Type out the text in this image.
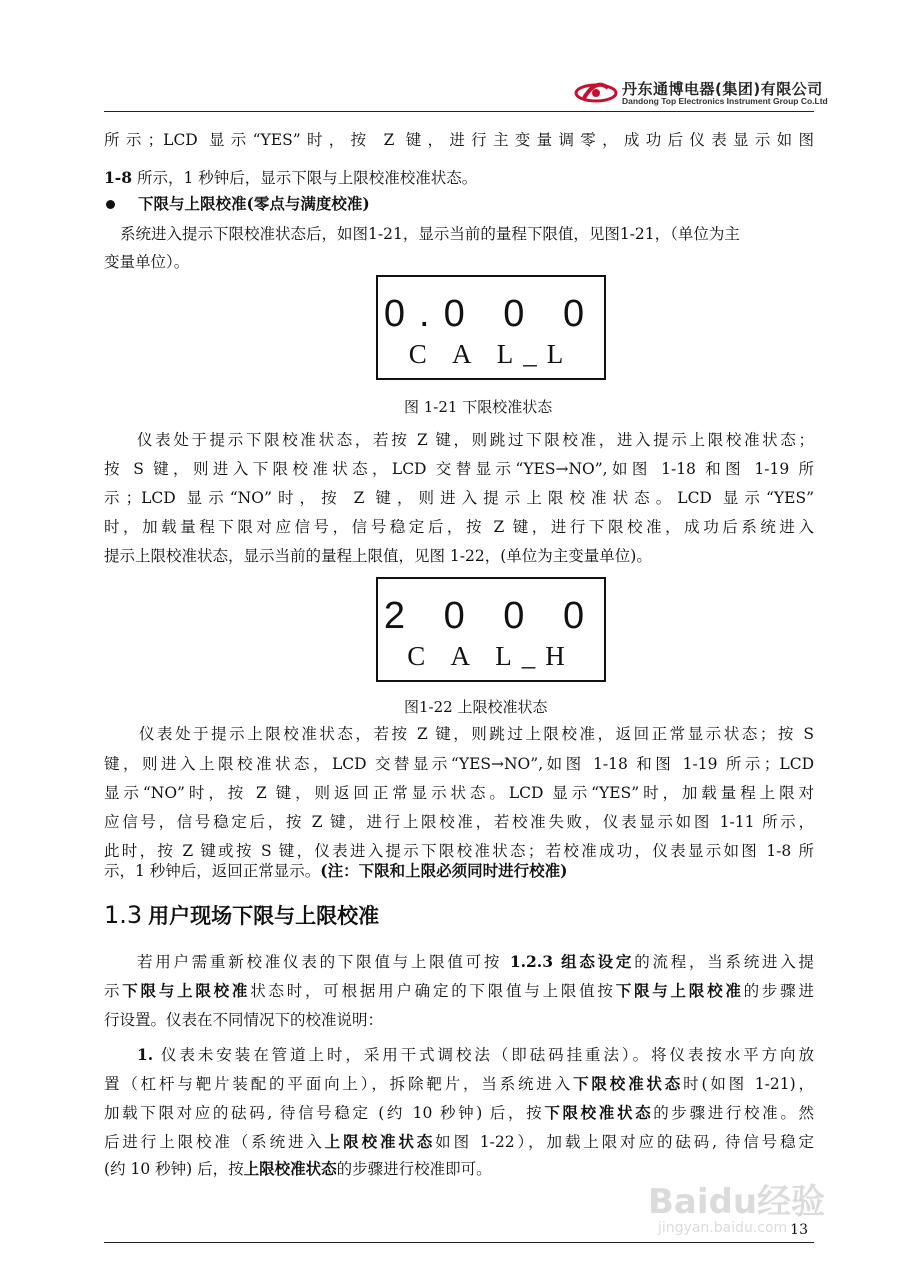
丹东通博电器(集团)有限公司
Dandong Top Electronics Instrument Group Co.Ltd
所示；LCD 显示“YES”时，按 Z 键，进行主变量调零，成功后仪表显示如图
1-8 所示，1 秒钟后，显示下限与上限校准校准状态。
下限与上限校准(零点与满度校准)
系统进入提示下限校准状态后，如图1-21，显示当前的量程下限值，见图1-21，（单位为主
变量单位）。
0.0 0 0
C A L_L
图 1-21 下限校准状态
仪表处于提示下限校准状态，若按 Z 键，则跳过下限校准，进入提示上限校准状态；
按 S 键，则进入下限校准状态，LCD 交替显示“YES→NO”,如图 1-18 和图 1-19 所
示；LCD 显示“NO”时，按 Z 键，则进入提示上限校准状态。LCD 显示“YES”
时，加载量程下限对应信号，信号稳定后，按 Z 键，进行下限校准，成功后系统进入
提示上限校准状态，显示当前的量程上限值，见图 1-22，(单位为主变量单位)。
2 0 0 0
C A L_H
图1-22 上限校准状态
仪表处于提示上限校准状态，若按 Z 键，则跳过上限校准，返回正常显示状态；按 S
键，则进入上限校准状态，LCD 交替显示“YES→NO”,如图 1-18 和图 1-19 所示；LCD
显示“NO”时，按 Z 键，则返回正常显示状态。LCD 显示“YES”时，加载量程上限对
应信号，信号稳定后，按 Z 键，进行上限校准，若校准失败，仪表显示如图 1-11 所示，
此时，按 Z 键或按 S 键，仪表进入提示下限校准状态；若校准成功，仪表显示如图 1-8 所
示，1 秒钟后，返回正常显示。(注：下限和上限必须同时进行校准)
1.3 用户现场下限与上限校准
若用户需重新校准仪表的下限值与上限值可按 1.2.3 组态设定的流程，当系统进入提
示下限与上限校准状态时，可根据用户确定的下限值与上限值按下限与上限校准的步骤进
行设置。仪表在不同情况下的校准说明：
1. 仪表未安装在管道上时，采用干式调校法（即砝码挂重法）。将仪表按水平方向放
置（杠杆与靶片装配的平面向上），拆除靶片，当系统进入下限校准状态时(如图 1-21)，
加载下限对应的砝码, 待信号稳定 (约 10 秒钟) 后，按下限校准状态的步骤进行校准。然
后进行上限校准（系统进入上限校准状态如图 1-22），加载上限对应的砝码, 待信号稳定
(约 10 秒钟) 后，按上限校准状态的步骤进行校准即可。
Baidu经验
jingyan.baidu.com 13
